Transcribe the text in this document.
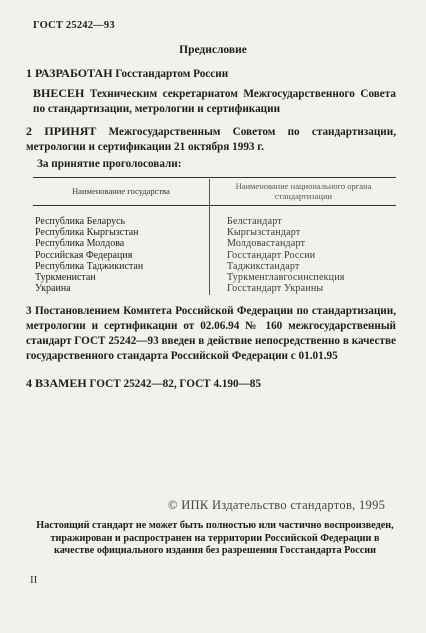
ГОСТ 25242—93
Предисловие
1 РАЗРАБОТАН Госстандартом России
ВНЕСЕН Техническим секретариатом Межгосударственного Совета по стандартизации, метрологии и сертификации
2 ПРИНЯТ Межгосударственным Советом по стандартизации, метрологии и сертификации 21 октября 1993 г.
За принятие проголосовали:
Наименование государства	Наименование национального органа стандартизации
Республика Беларусь
Республика Кыргызстан
Республика Молдова
Российская Федерация
Республика Таджикистан
Туркменистан
Украина
Белстандарт
Кыргызстандарт
Молдовастандарт
Госстандарт России
Таджикстандарт
Туркменглавгосинспекция
Госстандарт Украины
3 Постановлением Комитета Российской Федерации по стандартизации, метрологии и сертификации от 02.06.94 № 160 межгосударственный стандарт ГОСТ 25242—93 введен в действие непосредственно в качестве государственного стандарта Российской Федерации с 01.01.95
4 ВЗАМЕН ГОСТ 25242—82, ГОСТ 4.190—85
© ИПК Издательство стандартов, 1995
Настоящий стандарт не может быть полностью или частично воспроизведен, тиражирован и распространен на территории Российской Федерации в качестве официального издания без разрешения Госстандарта России
II
